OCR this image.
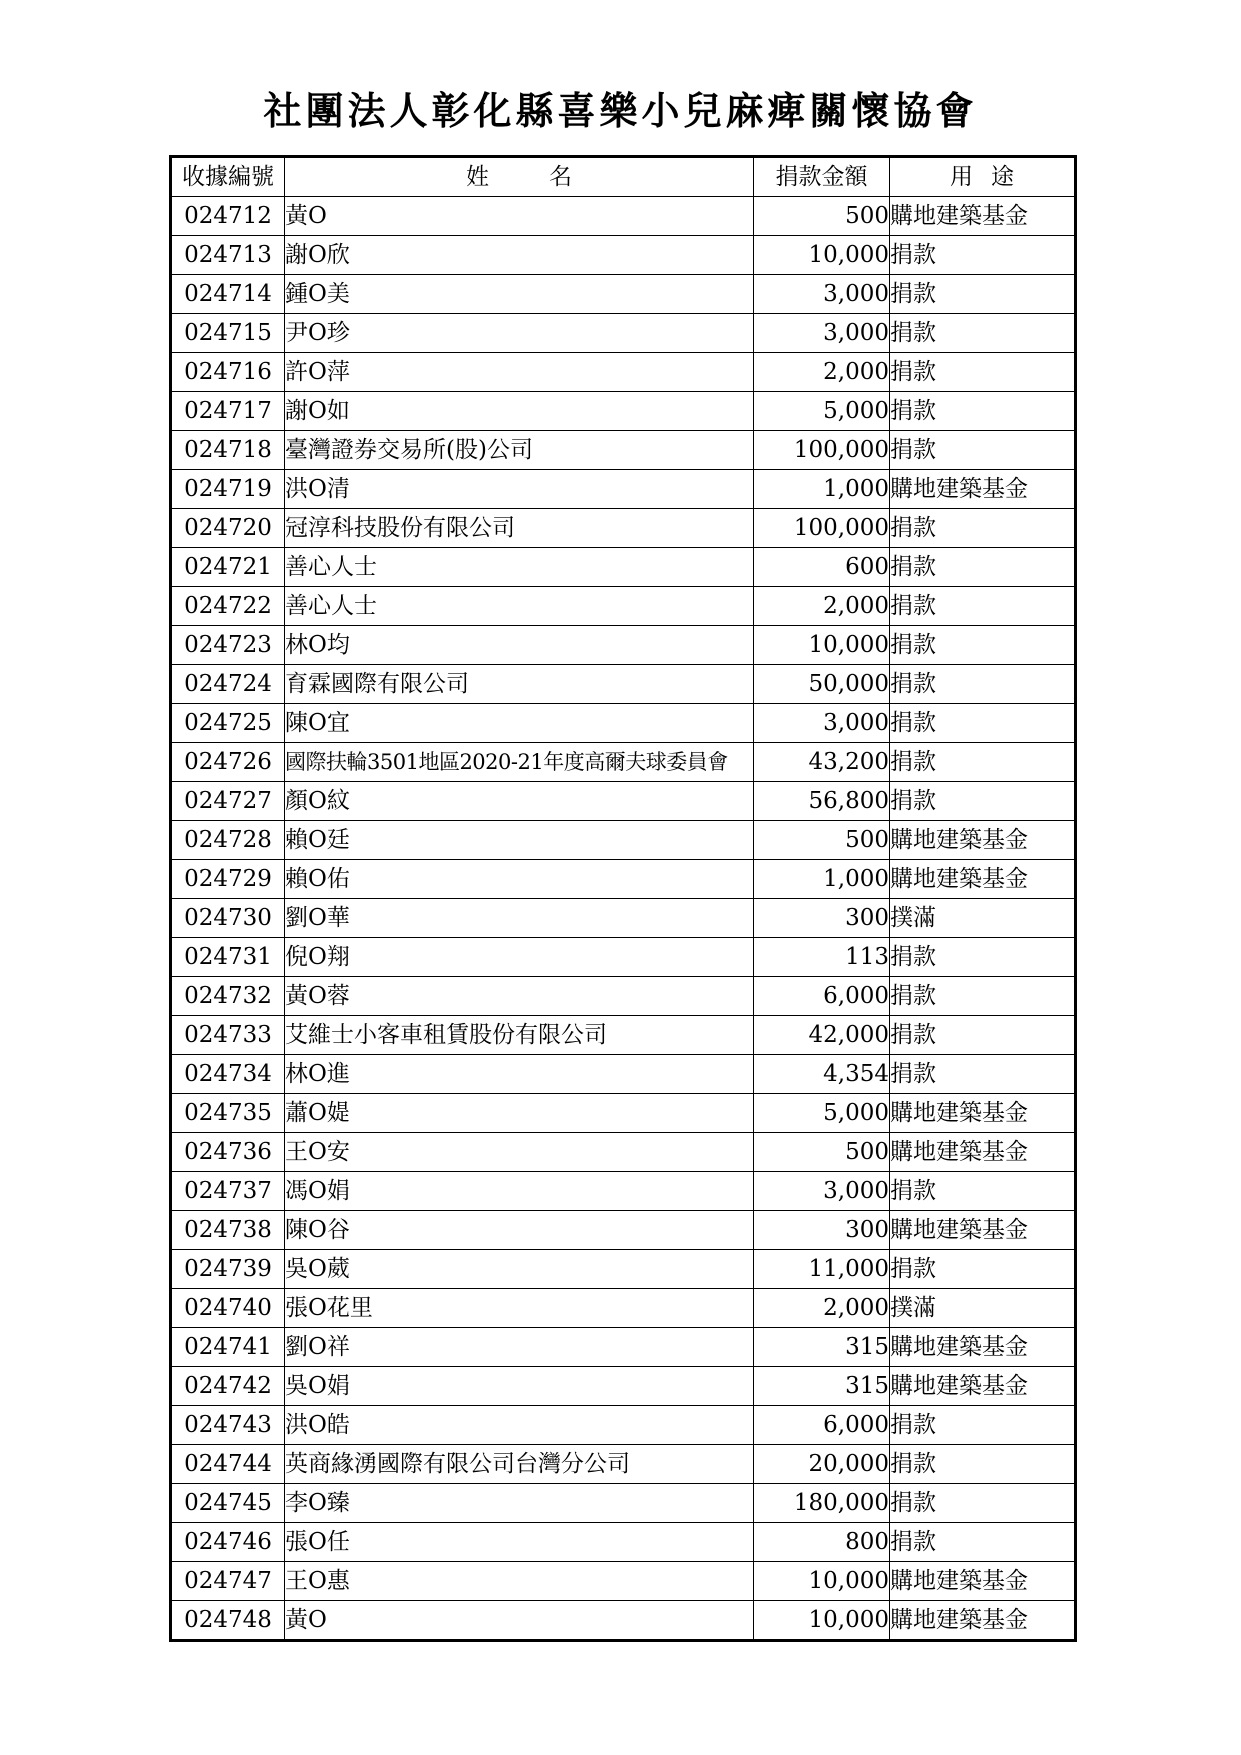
社團法人彰化縣喜樂小兒麻痺關懷協會
收據編號	姓名	捐款金額	用途
024712	黃O	500	購地建築基金
024713	謝O欣	10,000	捐款
024714	鍾O美	3,000	捐款
024715	尹O珍	3,000	捐款
024716	許O萍	2,000	捐款
024717	謝O如	5,000	捐款
024718	臺灣證券交易所(股)公司	100,000	捐款
024719	洪O清	1,000	購地建築基金
024720	冠淳科技股份有限公司	100,000	捐款
024721	善心人士	600	捐款
024722	善心人士	2,000	捐款
024723	林O均	10,000	捐款
024724	育霖國際有限公司	50,000	捐款
024725	陳O宜	3,000	捐款
024726	國際扶輪3501地區2020-21年度高爾夫球委員會	43,200	捐款
024727	顏O紋	56,800	捐款
024728	賴O廷	500	購地建築基金
024729	賴O佑	1,000	購地建築基金
024730	劉O華	300	撲滿
024731	倪O翔	113	捐款
024732	黃O蓉	6,000	捐款
024733	艾維士小客車租賃股份有限公司	42,000	捐款
024734	林O進	4,354	捐款
024735	蕭O媞	5,000	購地建築基金
024736	王O安	500	購地建築基金
024737	馮O娟	3,000	捐款
024738	陳O谷	300	購地建築基金
024739	吳O葳	11,000	捐款
024740	張O花里	2,000	撲滿
024741	劉O祥	315	購地建築基金
024742	吳O娟	315	購地建築基金
024743	洪O皓	6,000	捐款
024744	英商緣湧國際有限公司台灣分公司	20,000	捐款
024745	李O臻	180,000	捐款
024746	張O任	800	捐款
024747	王O惠	10,000	購地建築基金
024748	黃O	10,000	購地建築基金
